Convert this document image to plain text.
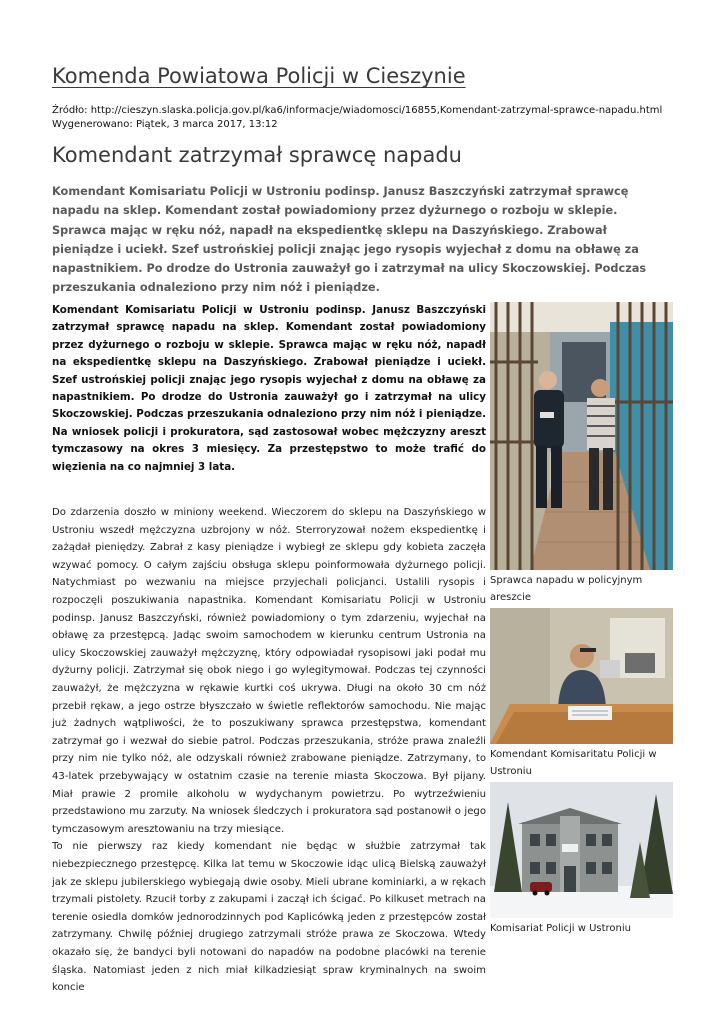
Komenda Powiatowa Policji w Cieszynie
Źródło: http://cieszyn.slaska.policja.gov.pl/ka6/informacje/wiadomosci/16855,Komendant-zatrzymal-sprawce-napadu.html
Wygenerowano: Piątek, 3 marca 2017, 13:12
Komendant zatrzymał sprawcę napadu

Komendant Komisariatu Policji w Ustroniu podinsp. Janusz Baszczyński zatrzymał sprawcę napadu na sklep. Komendant został powiadomiony przez dyżurnego o rozboju w sklepie. Sprawca mając w ręku nóż, napadł na ekspedientkę sklepu na Daszyńskiego. Zrabował pieniądze i uciekł. Szef ustrońskiej policji znając jego rysopis wyjechał z domu na obławę za napastnikiem. Po drodze do Ustronia zauważył go i zatrzymał na ulicy Skoczowskiej. Podczas przeszukania odnaleziono przy nim nóż i pieniądze.

Komendant Komisariatu Policji w Ustroniu podinsp. Janusz Baszczyński zatrzymał sprawcę napadu na sklep. Komendant został powiadomiony przez dyżurnego o rozboju w sklepie. Sprawca mając w ręku nóż, napadł na ekspedientkę sklepu na Daszyńskiego. Zrabował pieniądze i uciekł. Szef ustrońskiej policji znając jego rysopis wyjechał z domu na obławę za napastnikiem. Po drodze do Ustronia zauważył go i zatrzymał na ulicy Skoczowskiej. Podczas przeszukania odnaleziono przy nim nóż i pieniądze. Na wniosek policji i prokuratora, sąd zastosował wobec mężczyzny areszt tymczasowy na okres 3 miesięcy. Za przestępstwo to może trafić do więzienia na co najmniej 3 lata.

Do zdarzenia doszło w miniony weekend. Wieczorem do sklepu na Daszyńskiego w Ustroniu wszedł mężczyzna uzbrojony w nóż. Sterroryzował nożem ekspedientkę i zażądał pieniędzy. Zabrał z kasy pieniądze i wybiegł ze sklepu gdy kobieta zaczęła wzywać pomocy. O całym zajściu obsługa sklepu poinformowała dyżurnego policji. Natychmiast po wezwaniu na miejsce przyjechali policjanci. Ustalili rysopis i rozpoczęli poszukiwania napastnika. Komendant Komisariatu Policji w Ustroniu podinsp. Janusz Baszczyński, również powiadomiony o tym zdarzeniu, wyjechał na obławę za przestępcą. Jadąc swoim samochodem w kierunku centrum Ustronia na ulicy Skoczowskiej zauważył mężczyznę, który odpowiadał rysopisowi jaki podał mu dyżurny policji. Zatrzymał się obok niego i go wylegitymował. Podczas tej czynności zauważył, że mężczyzna w rękawie kurtki coś ukrywa. Długi na około 30 cm nóż przebił rękaw, a jego ostrze błyszczało w świetle reflektorów samochodu. Nie mając już żadnych wątpliwości, że to poszukiwany sprawca przestępstwa, komendant zatrzymał go i wezwał do siebie patrol. Podczas przeszukania, stróże prawa znaleźli przy nim nie tylko nóż, ale odzyskali również zrabowane pieniądze. Zatrzymany, to 43-latek przebywający w ostatnim czasie na terenie miasta Skoczowa. Był pijany. Miał prawie 2 promile alkoholu w wydychanym powietrzu. Po wytrzeźwieniu przedstawiono mu zarzuty. Na wniosek śledczych i prokuratora sąd postanowił o jego tymczasowym aresztowaniu na trzy miesiące.

To nie pierwszy raz kiedy komendant nie będąc w służbie zatrzymał tak niebezpiecznego przestępcę. Kilka lat temu w Skoczowie idąc ulicą Bielską zauważył jak ze sklepu jubilerskiego wybiegają dwie osoby. Mieli ubrane kominiarki, a w rękach trzymali pistolety. Rzucił torby z zakupami i zaczął ich ścigać. Po kilkuset metrach na terenie osiedla domków jednorodzinnych pod Kaplicówką jeden z przestępców został zatrzymany. Chwilę później drugiego zatrzymali stróże prawa ze Skoczowa. Wtedy okazało się, że bandyci byli notowani do napadów na podobne placówki na terenie śląska. Natomiast jeden z nich miał kilkadziesiąt spraw kryminalnych na swoim koncie

Sprawca napadu w policyjnym areszcie
Komendant Komisaritatu Policji w Ustroniu
Komisariat Policji w Ustroniu
